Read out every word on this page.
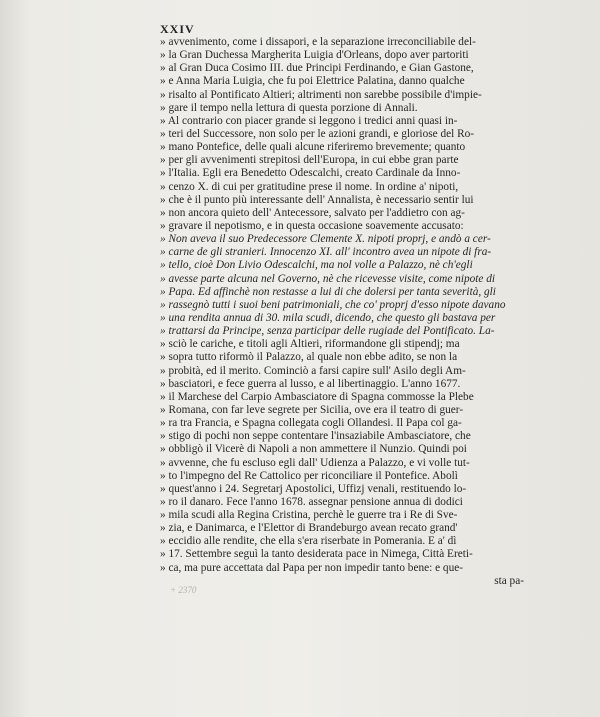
XXIV
» avvenimento, come i dissapori, e la separazione irreconciliabile del-
» la Gran Duchessa Margherita Luigia d'Orleans, dopo aver partoriti
» al Gran Duca Cosimo III. due Principi Ferdinando, e Gian Gastone,
» e Anna Maria Luigia, che fu poi Elettrice Palatina, danno qualche
» risalto al Pontificato Altieri; altrimenti non sarebbe possibile d'impie-
» gare il tempo nella lettura di questa porzione di Annali.
» Al contrario con piacer grande si leggono i tredici anni quasi in-
» teri del Successore, non solo per le azioni grandi, e gloriose del Ro-
» mano Pontefice, delle quali alcune riferiremo brevemente; quanto
» per gli avvenimenti strepitosi dell'Europa, in cui ebbe gran parte
» l'Italia. Egli era Benedetto Odescalchi, creato Cardinale da Inno-
» cenzo X. di cui per gratitudine prese il nome. In ordine a' nipoti,
» che è il punto più interessante dell' Annalista, è necessario sentir lui
» non ancora quieto dell' Antecessore, salvato per l'addietro con ag-
» gravare il nepotismo, e in questa occasione soavemente accusato:
» Non aveva il suo Predecessore Clemente X. nipoti proprj, e andò a cer-
» carne de gli stranieri. Innocenzo XI. all' incontro avea un nipote di fra-
» tello, cioè Don Livio Odescalchi, ma nol volle a Palazzo, nè ch'egli
» avesse parte alcuna nel Governo, nè che ricevesse visite, come nipote di
» Papa. Ed affinchè non restasse a lui di che dolersi per tanta severità, gli
» rassegnò tutti i suoi beni patrimoniali, che co' proprj d'esso nipote davano
» una rendita annua di 30. mila scudi, dicendo, che questo gli bastava per
» trattarsi da Principe, senza participar delle rugiade del Pontificato. La-
» sciò le cariche, e titoli agli Altieri, riformandone gli stipendj; ma
» sopra tutto riformò il Palazzo, al quale non ebbe adito, se non la
» probità, ed il merito. Cominciò a farsi capire sull' Asilo degli Am-
» basciatori, e fece guerra al lusso, e al libertinaggio. L'anno 1677.
» il Marchese del Carpio Ambasciatore di Spagna commosse la Plebe
» Romana, con far leve segrete per Sicilia, ove era il teatro di guer-
» ra tra Francia, e Spagna collegata cogli Ollandesi. Il Papa col ga-
» stigo di pochi non seppe contentare l'insaziabile Ambasciatore, che
» obbligò il Vicerè di Napoli a non ammettere il Nunzio. Quindi poi
» avvenne, che fu escluso egli dall' Udienza a Palazzo, e vi volle tut-
» to l'impegno del Re Cattolico per riconciliare il Pontefice. Abolì
» quest'anno i 24. Segretarj Apostolici, Uffizj venali, restituendo lo-
» ro il danaro. Fece l'anno 1678. assegnar pensione annua di dodici
» mila scudi alla Regina Cristina, perchè le guerre tra i Re di Sve-
» zia, e Danimarca, e l'Elettor di Brandeburgo avean recato grand'
» eccidio alle rendite, che ella s'era riserbate in Pomerania. E a' dì
» 17. Settembre seguì la tanto desiderata pace in Nimega, Città Ereti-
» ca, ma pure accettata dal Papa per non impedir tanto bene: e que-
sta pa-
+ 2370
